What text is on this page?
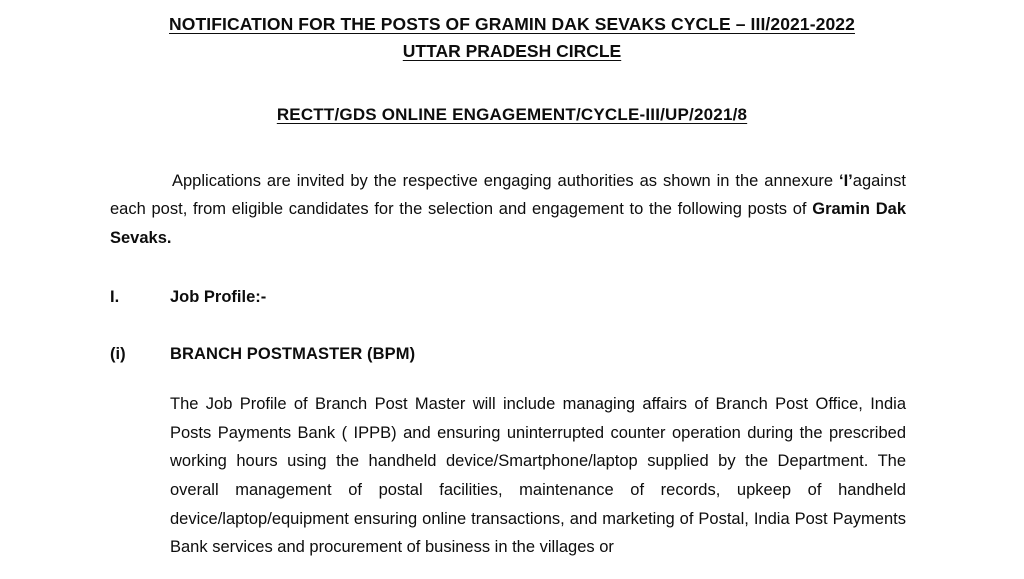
NOTIFICATION FOR THE POSTS OF GRAMIN DAK SEVAKS CYCLE – III/2021-2022
UTTAR PRADESH CIRCLE
RECTT/GDS ONLINE ENGAGEMENT/CYCLE-III/UP/2021/8

Applications are invited by the respective engaging authorities as shown in the annexure ‘I’against each post, from eligible candidates for the selection and engagement to the following posts of Gramin Dak Sevaks.

I.	Job Profile:-
(i)	BRANCH POSTMASTER (BPM)

The Job Profile of Branch Post Master will include managing affairs of Branch Post Office, India Posts Payments Bank ( IPPB) and ensuring uninterrupted counter operation during the prescribed working hours using the handheld device/Smartphone/laptop supplied by the Department. The overall management of postal facilities, maintenance of records, upkeep of handheld device/laptop/equipment ensuring online transactions, and marketing of Postal, India Post Payments Bank services and procurement of business in the villages or
